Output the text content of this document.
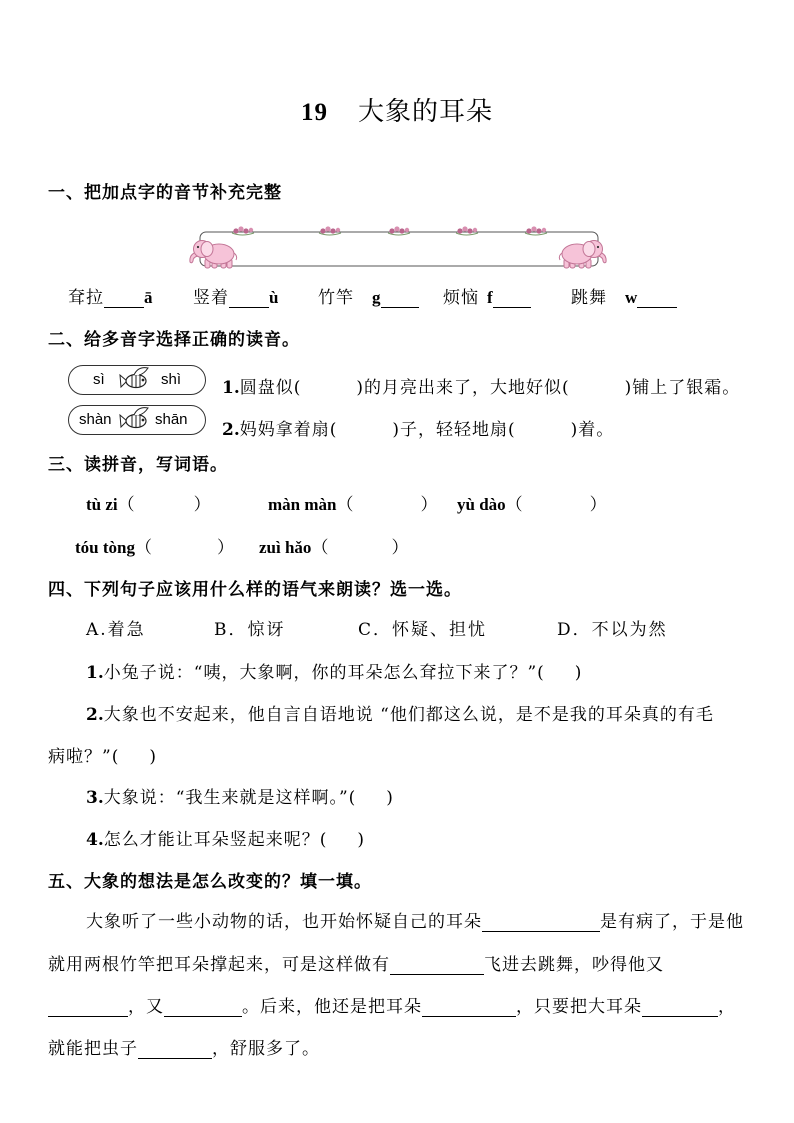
19 大象的耳朵
一、把加点字的音节补充完整
耷拉 ā 竖着 ù 竹竿 g	烦恼 f	跳舞 w
二、给多音字选择正确的读音。
sì	shì
shàn	shān
1.圆盘似(	)的月亮出来了，大地好似(	)铺上了银霜。
2.妈妈拿着扇(	)子，轻轻地扇(	)着。
三、读拼音，写词语。
tù zi（	）	màn màn（	） yù dào（	）
tóu tòng（	） zuì hǎo（	）
四、下列句子应该用什么样的语气来朗读？选一选。
A.着急	B．惊讶	C．怀疑、担忧	D．不以为然
1.小兔子说：“咦，大象啊，你的耳朵怎么耷拉下来了？”( )
2.大象也不安起来，他自言自语地说 “他们都这么说，是不是我的耳朵真的有毛
病啦？”( )
3.大象说：“我生来就是这样啊。”( )
4.怎么才能让耳朵竖起来呢？( )
五、大象的想法是怎么改变的？填一填。
大象听了一些小动物的话，也开始怀疑自己的耳朵	是有病了，于是他
就用两根竹竿把耳朵撑起来，可是这样做有	飞进去跳舞，吵得他又
，又	。后来，他还是把耳朵	，只要把大耳朵	，
就能把虫子	，舒服多了。
